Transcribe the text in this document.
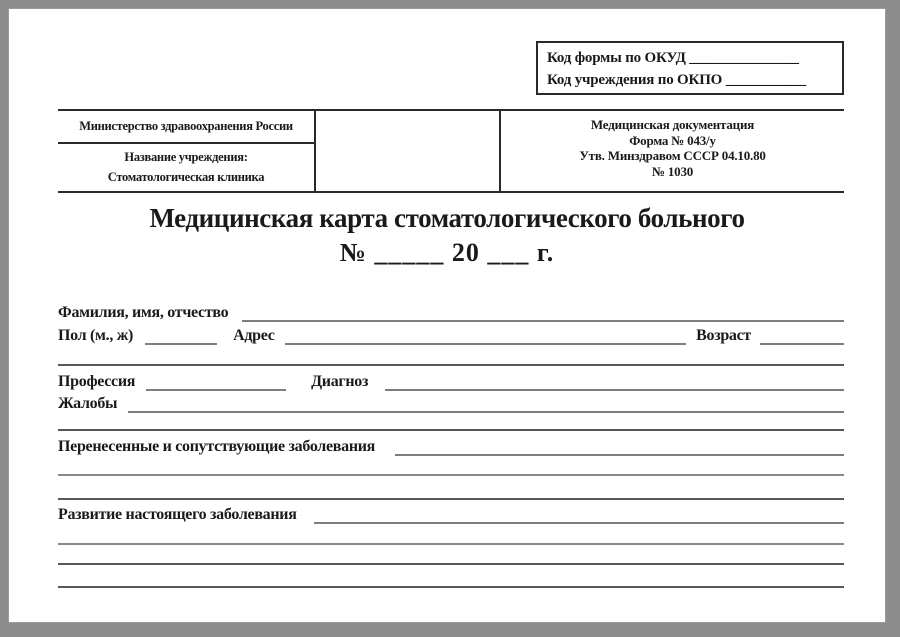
Код формы по ОКУД _______________
Код учреждения по ОКПО ___________
Министерство здравоохранения России
Название учреждения:
Стоматологическая клиника
Медицинская документация
Форма № 043/у
Утв. Минздравом СССР 04.10.80
№ 1030
Медицинская карта стоматологического больного
№ _____ 20 ___ г.
Фамилия, имя, отчество
Пол (м., ж)	Адрес	Возраст
Профессия	Диагноз
Жалобы
Перенесенные и сопутствующие заболевания
Развитие настоящего заболевания
